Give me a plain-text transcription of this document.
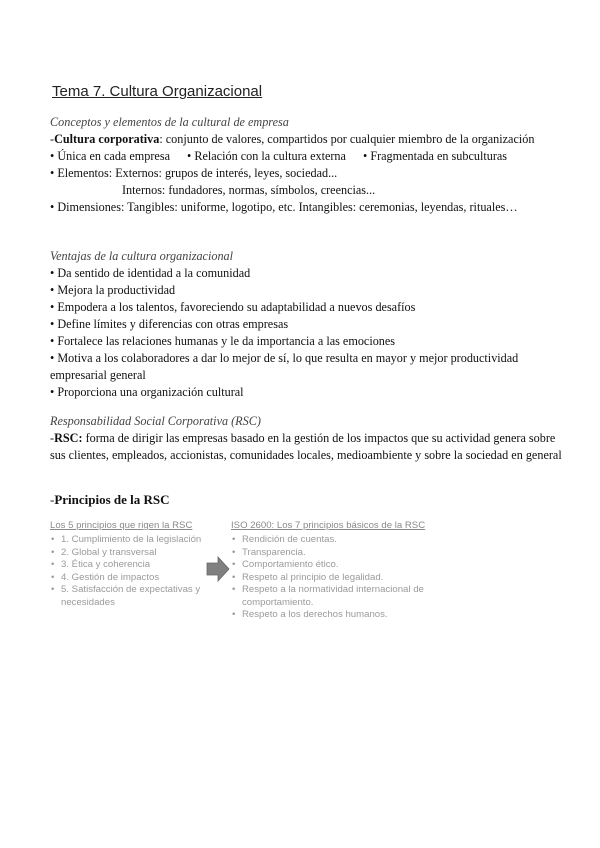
Tema 7. Cultura Organizacional
Conceptos y elementos de la cultural de empresa
-Cultura corporativa: conjunto de valores, compartidos por cualquier miembro de la organización
• Única en cada empresa • Relación con la cultura externa • Fragmentada en subculturas
• Elementos: Externos: grupos de interés, leyes, sociedad...
Internos: fundadores, normas, símbolos, creencias...
• Dimensiones: Tangibles: uniforme, logotipo, etc. Intangibles: ceremonias, leyendas, rituales…
Ventajas de la cultura organizacional
• Da sentido de identidad a la comunidad
• Mejora la productividad
• Empodera a los talentos, favoreciendo su adaptabilidad a nuevos desafíos
• Define límites y diferencias con otras empresas
• Fortalece las relaciones humanas y le da importancia a las emociones
• Motiva a los colaboradores a dar lo mejor de sí, lo que resulta en mayor y mejor productividad empresarial general
• Proporciona una organización cultural
Responsabilidad Social Corporativa (RSC)
-RSC: forma de dirigir las empresas basado en la gestión de los impactos que su actividad genera sobre sus clientes, empleados, accionistas, comunidades locales, medioambiente y sobre la sociedad en general
-Principios de la RSC
Los 5 principios que rigen la RSC
• 1. Cumplimiento de la legislación
• 2. Global y transversal
• 3. Ética y coherencia
• 4. Gestión de impactos
• 5. Satisfacción de expectativas y necesidades
ISO 2600: Los 7 principios básicos de la RSC
• Rendición de cuentas.
• Transparencia.
• Comportamiento ético.
• Respeto al principio de legalidad.
• Respeto a la normatividad internacional de comportamiento.
• Respeto a los derechos humanos.
